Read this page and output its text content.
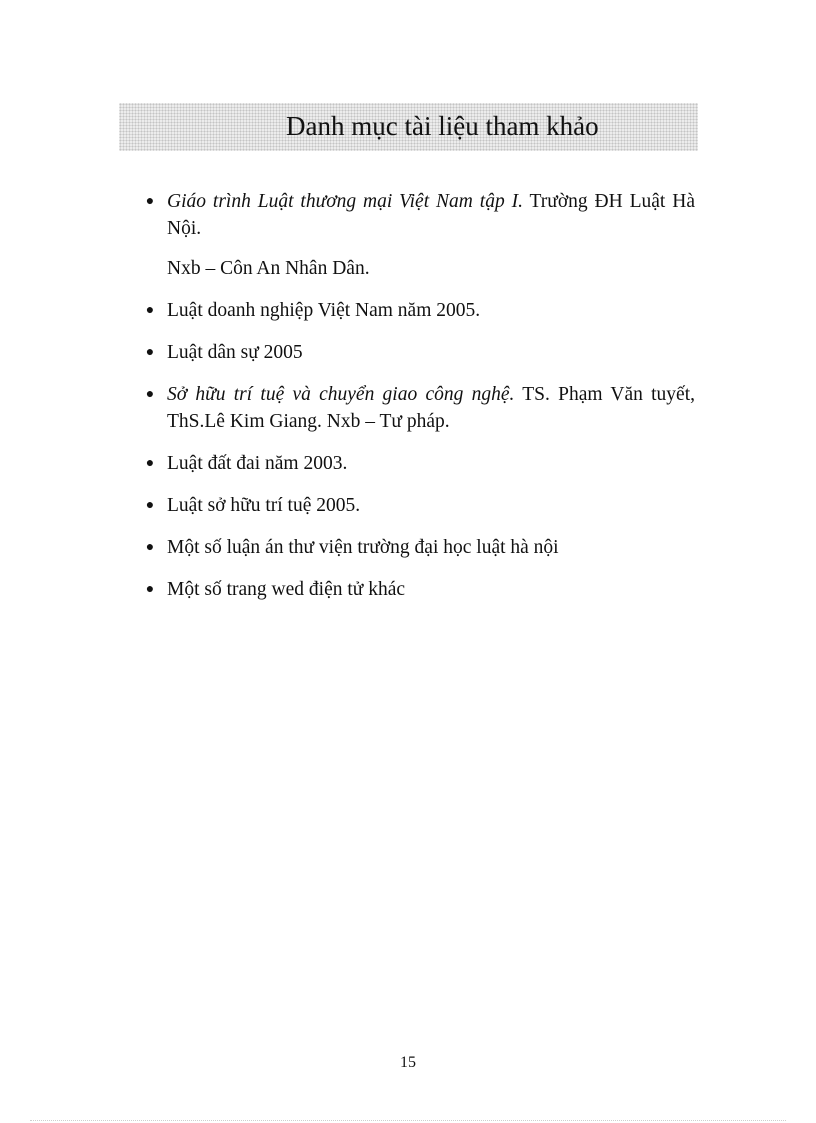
Danh mục tài liệu tham khảo
● Giáo trình Luật thương mại Việt Nam tập I. Trường ĐH Luật Hà Nội.
Nxb – Côn An Nhân Dân.
● Luật doanh nghiệp Việt Nam năm 2005.
● Luật dân sự 2005
● Sở hữu trí tuệ và chuyển giao công nghệ. TS. Phạm Văn tuyết, ThS.Lê Kim Giang. Nxb – Tư pháp.
● Luật đất đai năm 2003.
● Luật sở hữu trí tuệ 2005.
● Một số luận án thư viện trường đại học luật hà nội
● Một số trang wed điện tử khác
15
